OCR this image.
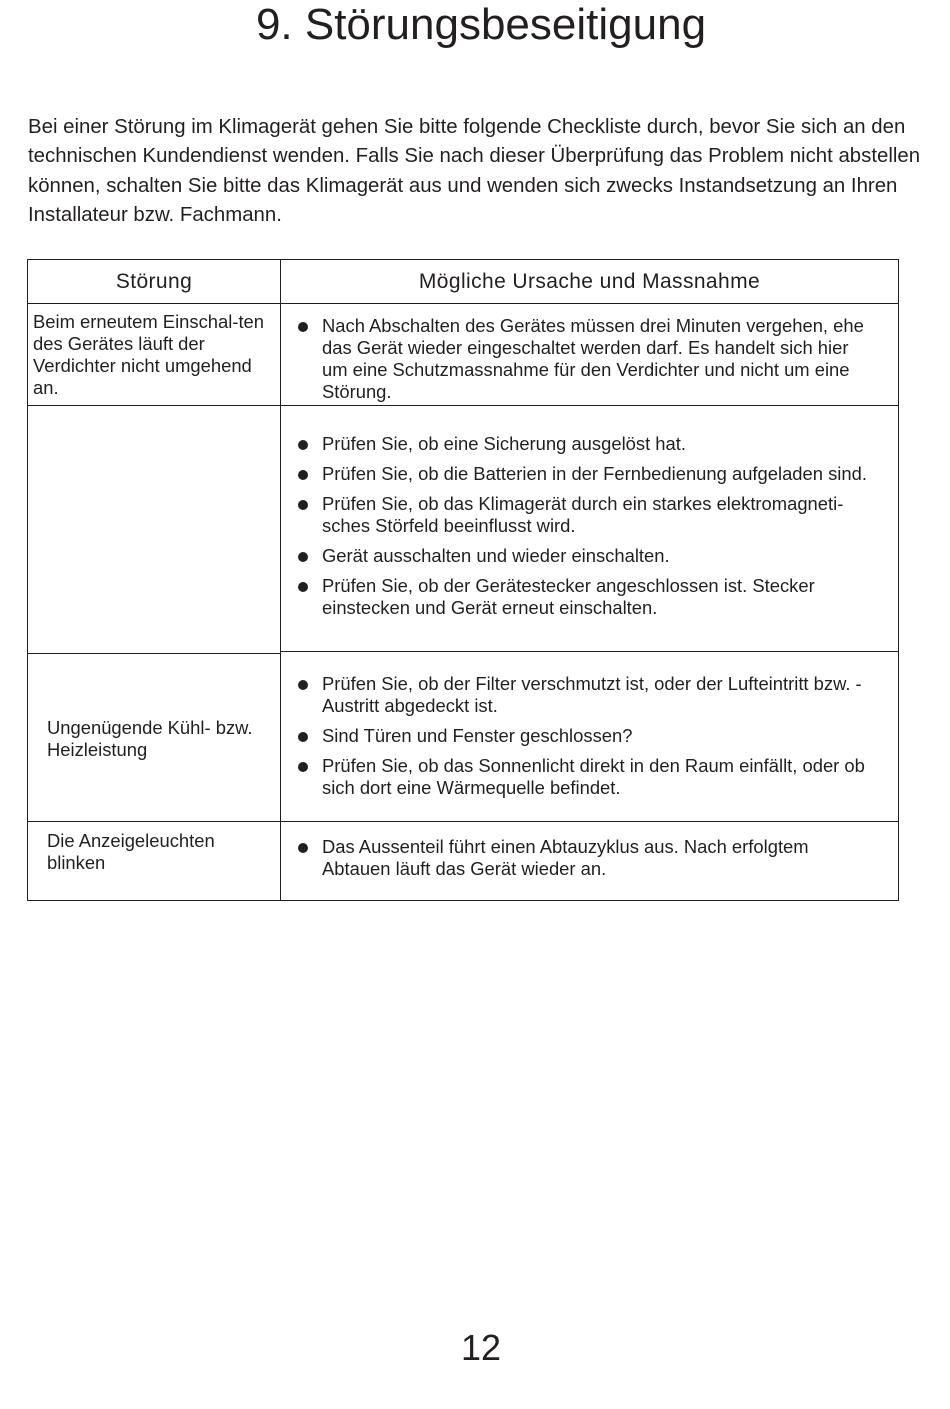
9. Störungsbeseitigung

Bei einer Störung im Klimagerät gehen Sie bitte folgende Checkliste durch, bevor Sie sich an den technischen Kundendienst wenden. Falls Sie nach dieser Überprüfung das Problem nicht abstellen können, schalten Sie bitte das Klimagerät aus und wenden sich zwecks Instandsetzung an Ihren Installateur bzw. Fachmann.

Störung	Mögliche Ursache und Massnahme

Beim erneutem Einschal-ten des Gerätes läuft der Verdichter nicht umgehend an.

Nach Abschalten des Gerätes müssen drei Minuten vergehen, ehe das Gerät wieder eingeschaltet werden darf. Es handelt sich hier um eine Schutzmassnahme für den Verdichter und nicht um eine Störung.

Prüfen Sie, ob eine Sicherung ausgelöst hat.
Prüfen Sie, ob die Batterien in der Fernbedienung aufgeladen sind.
Prüfen Sie, ob das Klimagerät durch ein starkes elektromagneti-sches Störfeld beeinflusst wird.
Gerät ausschalten und wieder einschalten.
Prüfen Sie, ob der Gerätestecker angeschlossen ist. Stecker einstecken und Gerät erneut einschalten.

Ungenügende Kühl- bzw. Heizleistung

Prüfen Sie, ob der Filter verschmutzt ist, oder der Lufteintritt bzw. -Austritt abgedeckt ist.
Sind Türen und Fenster geschlossen?
Prüfen Sie, ob das Sonnenlicht direkt in den Raum einfällt, oder ob sich dort eine Wärmequelle befindet.

Die Anzeigeleuchten blinken

Das Aussenteil führt einen Abtauzyklus aus. Nach erfolgtem Abtauen läuft das Gerät wieder an.
12
